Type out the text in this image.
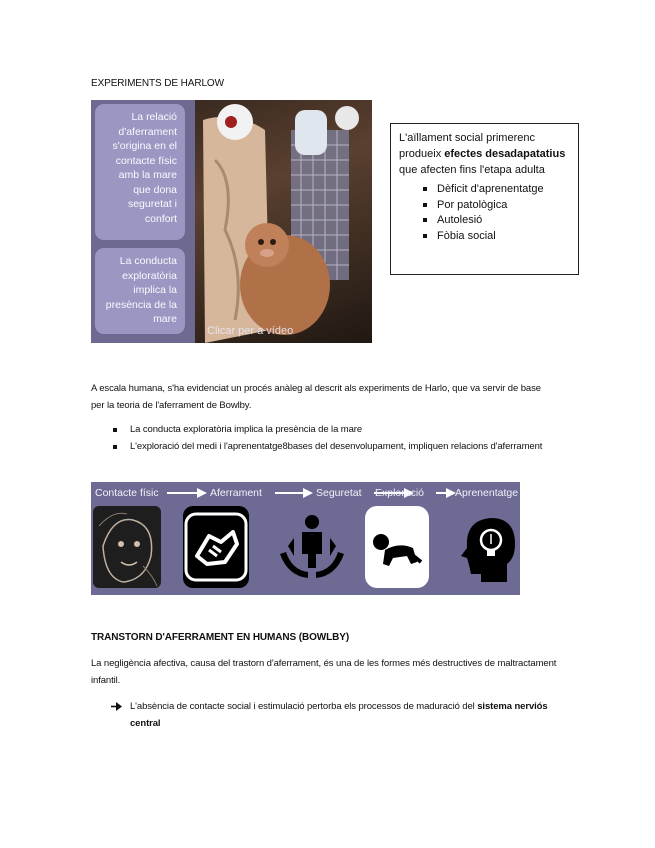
EXPERIMENTS DE HARLOW
La relació d'aferrament s'origina en el contacte físic amb la mare que dona seguretat i confort
La conducta exploratòria implica la presència de la mare
Clicar per a vídeo
L'aïllament social primerenc produeix efectes desadapatatius que afecten fins l'etapa adulta
Dèficit d'aprenentatge
Por patològica
Autolesió
Fòbia social
A escala humana, s'ha evidenciat un procés anàleg al descrit als experiments de Harlo, que va servir de base per la teoria de l'aferrament de Bowlby.
La conducta exploratòria implica la presència de la mare
L'exploració del medi i l'aprenentatge8bases del desenvolupament, impliquen relacions d'aferrament
Contacte físic	Aferrament	Seguretat Exploració	Aprenentatge
TRANSTORN D'AFERRAMENT EN HUMANS (BOWLBY)
La negligència afectiva, causa del trastorn d'aferrament, és una de les formes més destructives de maltractament infantil.
L'absència de contacte social i estimulació pertorba els processos de maduració del sistema nerviós central
